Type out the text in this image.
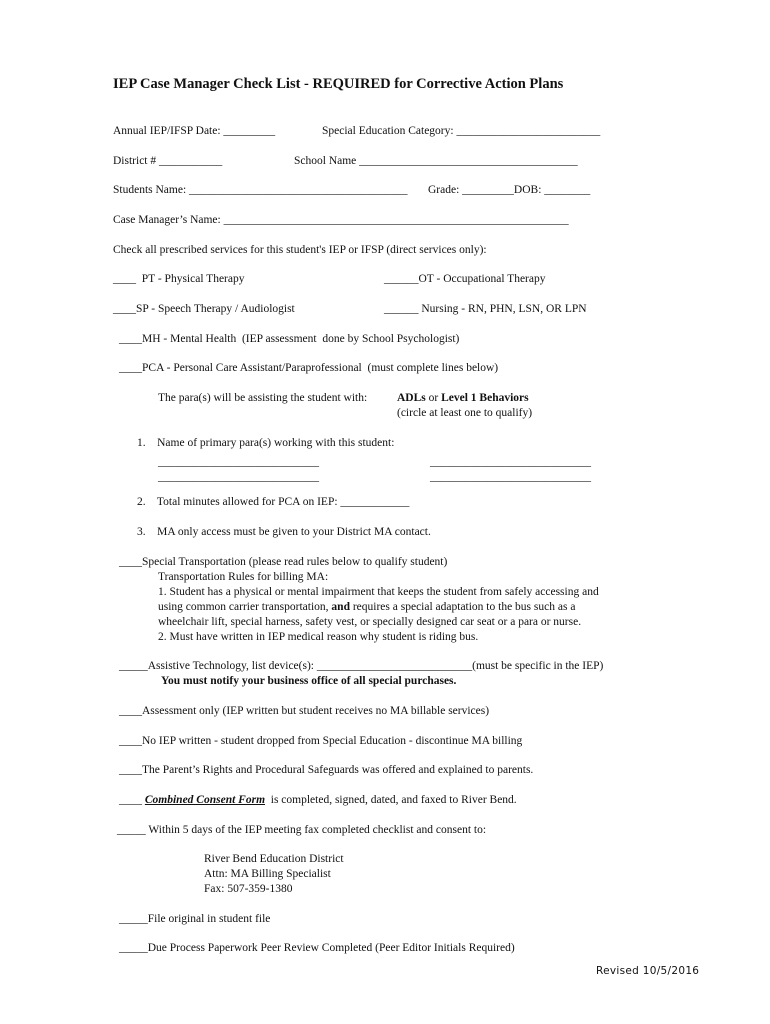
IEP Case Manager Check List - REQUIRED for Corrective Action Plans
Annual IEP/IFSP Date: _________	Special Education Category: _________________________
District # ___________	School Name ______________________________________
Students Name: ______________________________________ Grade: _________DOB: ________
Case Manager’s Name: ____________________________________________________________
Check all prescribed services for this student's IEP or IFSP (direct services only):
____  PT - Physical Therapy	______OT - Occupational Therapy
____SP - Speech Therapy / Audiologist	______ Nursing - RN, PHN, LSN, OR LPN
____MH - Mental Health  (IEP assessment  done by School Psychologist)
____PCA - Personal Care Assistant/Paraprofessional  (must complete lines below)
The para(s) will be assisting the student with:	ADLs or Level 1 Behaviors
(circle at least one to qualify)
1.    Name of primary para(s) working with this student:
____________________________
____________________________
____________________________
____________________________
2.    Total minutes allowed for PCA on IEP: ____________
3.    MA only access must be given to your District MA contact.
____Special Transportation (please read rules below to qualify student)
Transportation Rules for billing MA:
1. Student has a physical or mental impairment that keeps the student from safely accessing and
using common carrier transportation, and requires a special adaptation to the bus such as a
wheelchair lift, special harness, safety vest, or specially designed car seat or a para or nurse.
2. Must have written in IEP medical reason why student is riding bus.
_____Assistive Technology, list device(s): ___________________________(must be specific in the IEP)
You must notify your business office of all special purchases.
____Assessment only (IEP written but student receives no MA billable services)
____No IEP written - student dropped from Special Education - discontinue MA billing
____The Parent’s Rights and Procedural Safeguards was offered and explained to parents.
____ Combined Consent Form  is completed, signed, dated, and faxed to River Bend.
_____ Within 5 days of the IEP meeting fax completed checklist and consent to:
River Bend Education District
Attn: MA Billing Specialist
Fax: 507-359-1380
_____File original in student file
_____Due Process Paperwork Peer Review Completed (Peer Editor Initials Required)
Revised 10/5/2016
